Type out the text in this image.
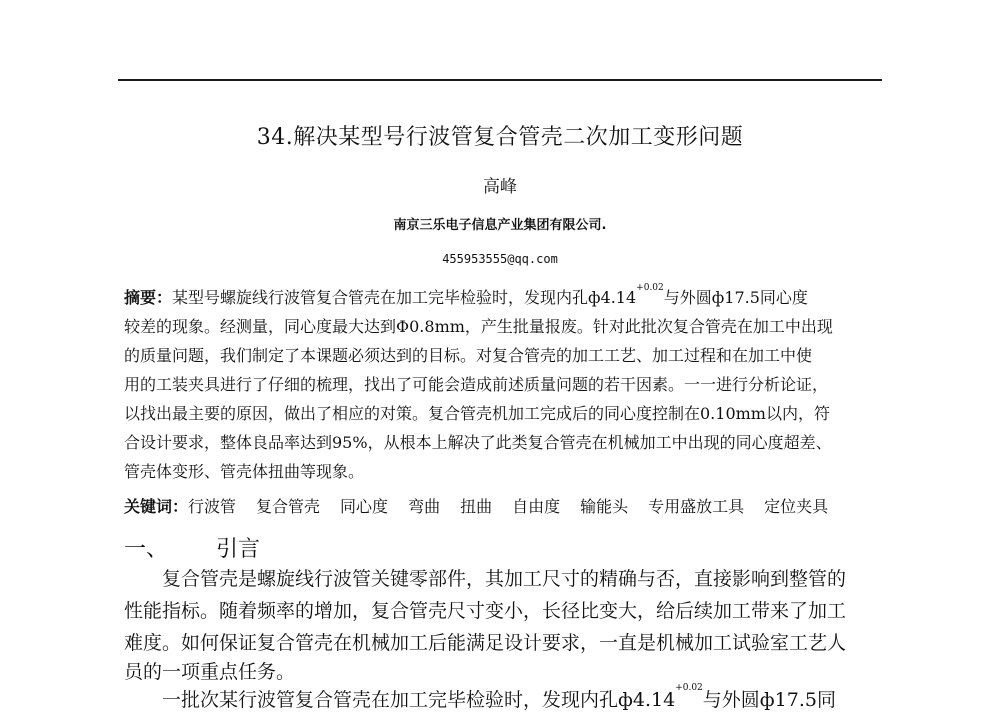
34.解决某型号行波管复合管壳二次加工变形问题
高峰
南京三乐电子信息产业集团有限公司.
455953555@qq.com
摘要：某型号螺旋线行波管复合管壳在加工完毕检验时，发现内孔$ф4.14^{+0.02}$与外圆ф17.5同心度
较差的现象。经测量，同心度最大达到Φ0.8mm，产生批量报废。针对此批次复合管壳在加工中出现
的质量问题，我们制定了本课题必须达到的目标。对复合管壳的加工工艺、加工过程和在加工中使
用的工装夹具进行了仔细的梳理，找出了可能会造成前述质量问题的若干因素。一一进行分析论证，
以找出最主要的原因，做出了相应的对策。复合管壳机加工完成后的同心度控制在0.10mm以内，符
合设计要求，整体良品率达到95%，从根本上解决了此类复合管壳在机械加工中出现的同心度超差、
管壳体变形、管壳体扭曲等现象。
关键词：行波管 复合管壳 同心度 弯曲 扭曲 自由度 输能头 专用盛放工具 定位夹具
一、 引言
复合管壳是螺旋线行波管关键零部件，其加工尺寸的精确与否，直接影响到整管的
性能指标。随着频率的增加，复合管壳尺寸变小，长径比变大，给后续加工带来了加工
难度。如何保证复合管壳在机械加工后能满足设计要求，一直是机械加工试验室工艺人
员的一项重点任务。
一批次某行波管复合管壳在加工完毕检验时，发现内孔$ф4.14^{+0.02}$与外圆ф17.5同
